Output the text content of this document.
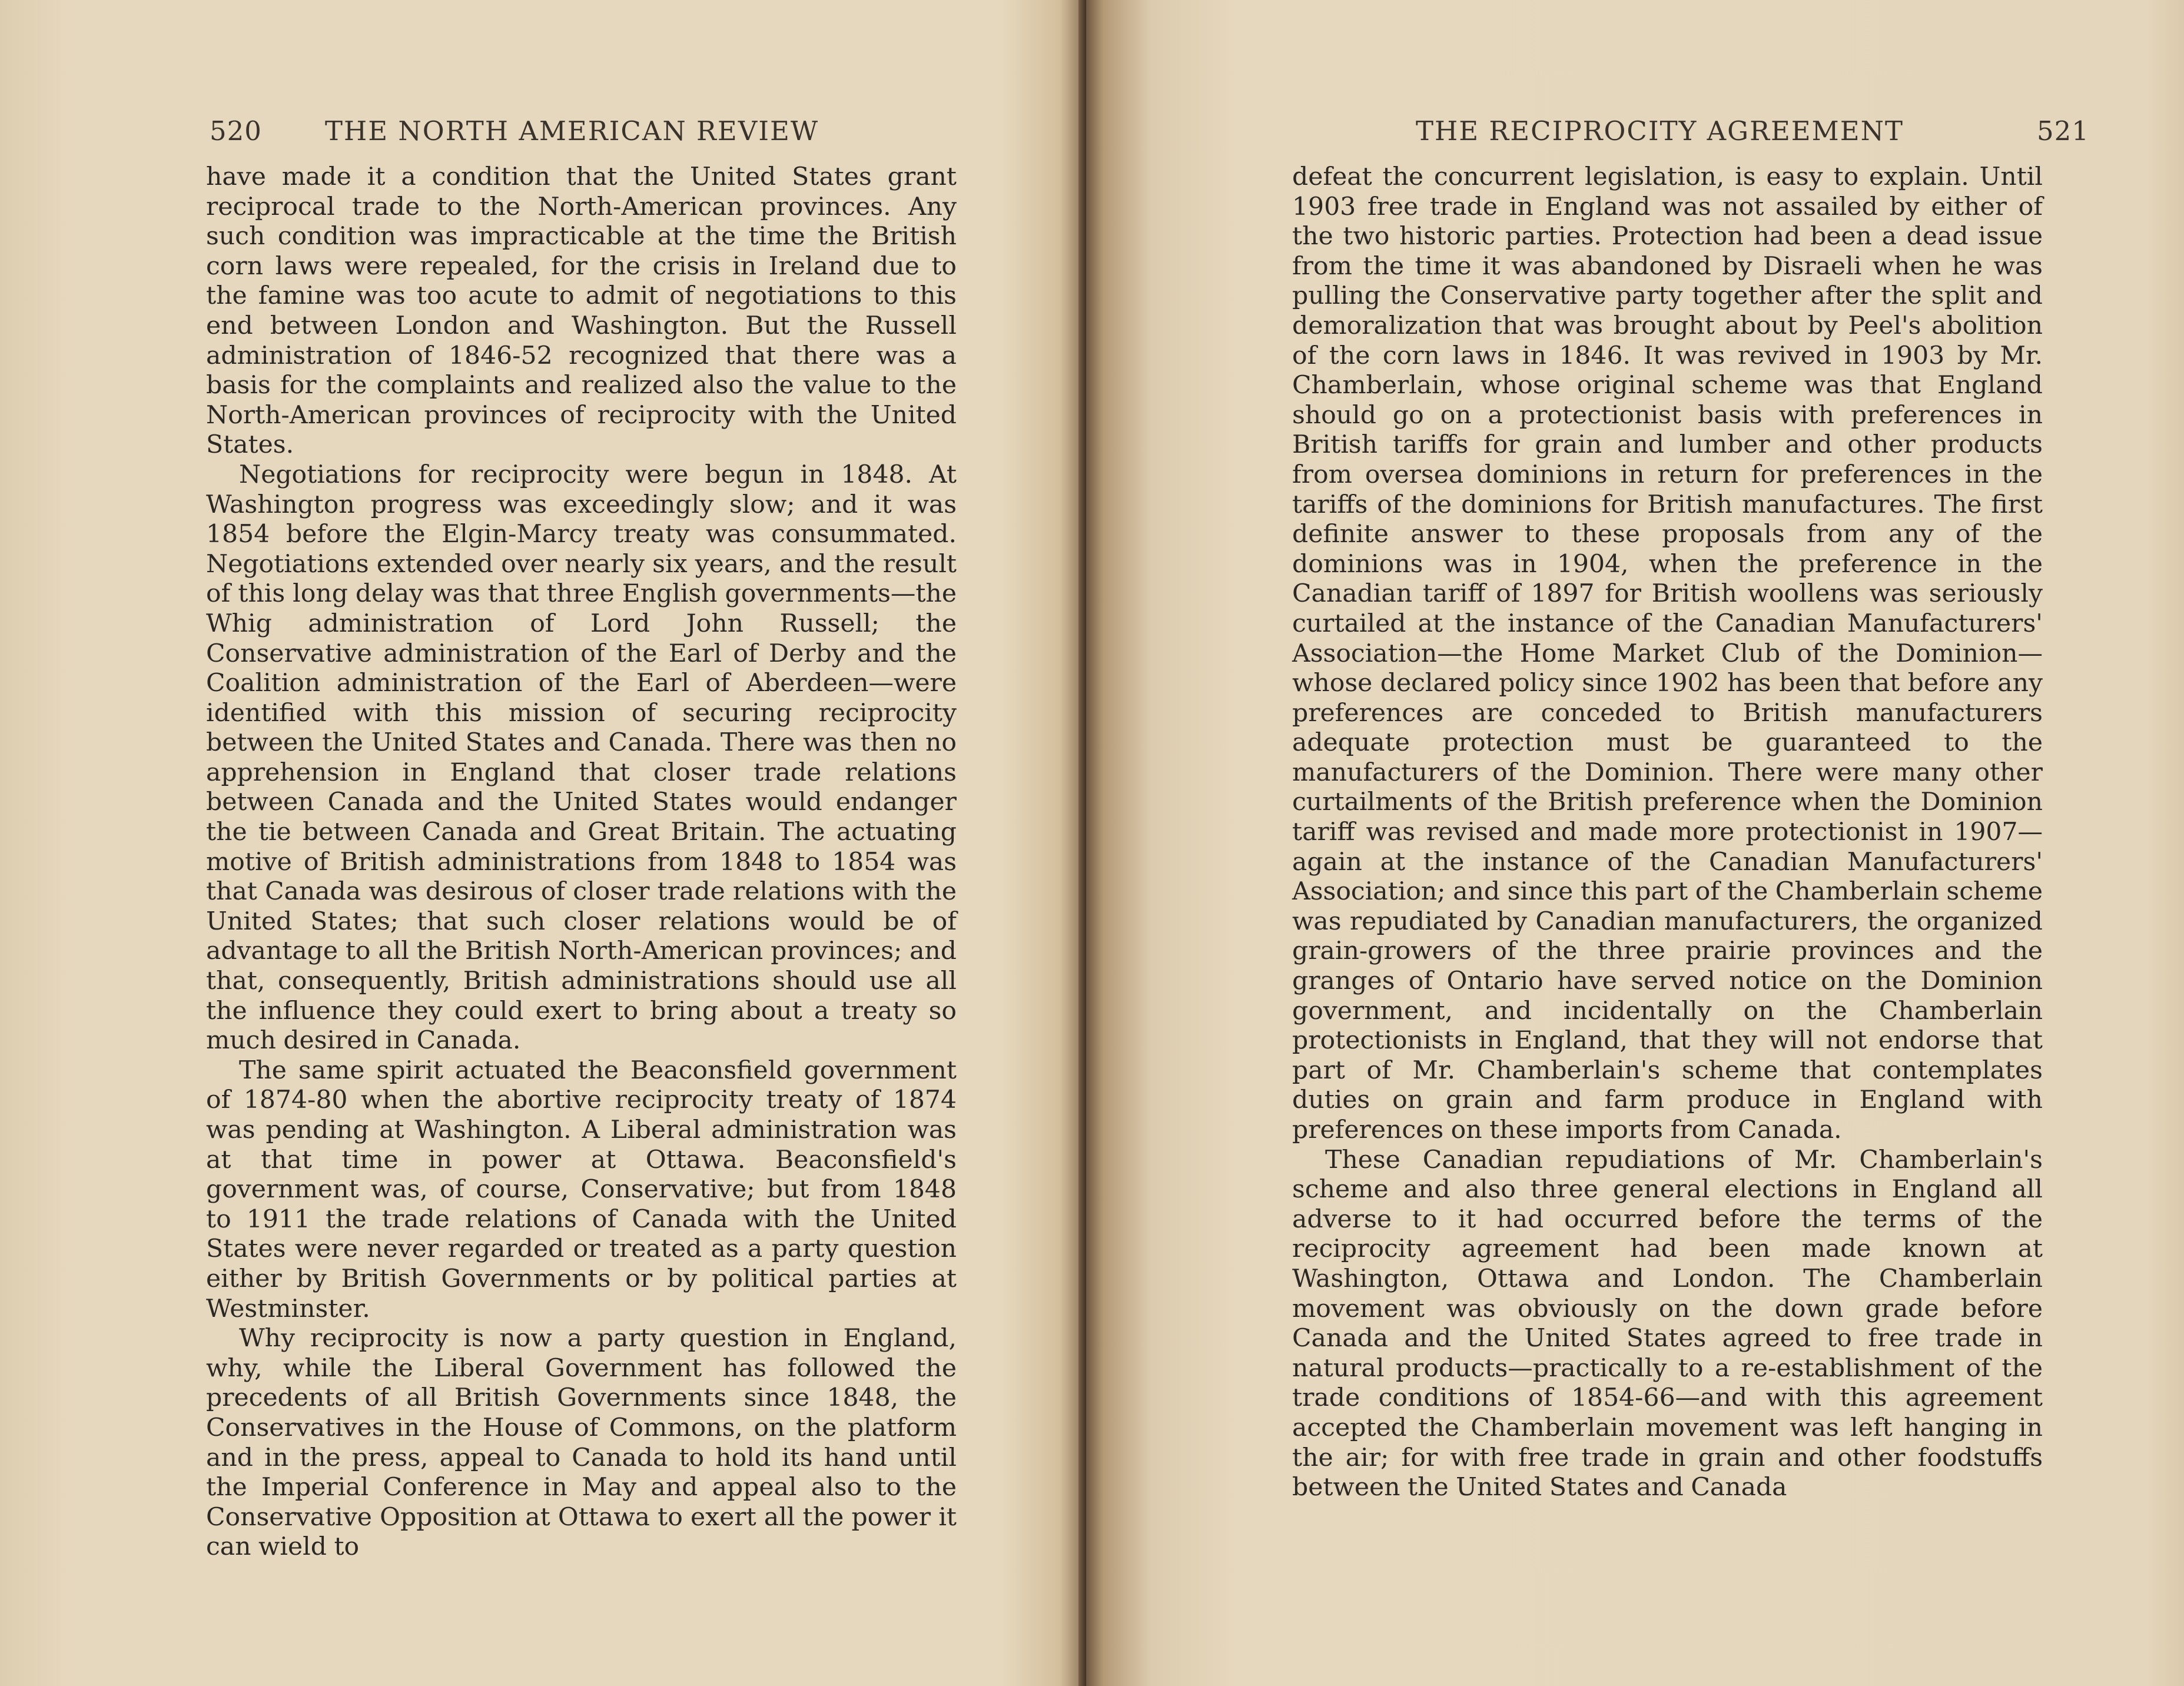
520 THE NORTH AMERICAN REVIEW

have made it a condition that the United States grant reciprocal trade to the North-American provinces. Any such condition was impracticable at the time the British corn laws were repealed, for the crisis in Ireland due to the famine was too acute to admit of negotiations to this end between London and Washington. But the Russell administration of 1846-52 recognized that there was a basis for the complaints and realized also the value to the North-American provinces of reciprocity with the United States.

Negotiations for reciprocity were begun in 1848. At Washington progress was exceedingly slow; and it was 1854 before the Elgin-Marcy treaty was consummated. Negotiations extended over nearly six years, and the result of this long delay was that three English governments—the Whig administration of Lord John Russell; the Conservative administration of the Earl of Derby and the Coalition administration of the Earl of Aberdeen—were identified with this mission of securing reciprocity between the United States and Canada. There was then no apprehension in England that closer trade relations between Canada and the United States would endanger the tie between Canada and Great Britain. The actuating motive of British administrations from 1848 to 1854 was that Canada was desirous of closer trade relations with the United States; that such closer relations would be of advantage to all the British North-American provinces; and that, consequently, British administrations should use all the influence they could exert to bring about a treaty so much desired in Canada.

The same spirit actuated the Beaconsfield government of 1874-80 when the abortive reciprocity treaty of 1874 was pending at Washington. A Liberal administration was at that time in power at Ottawa. Beaconsfield's government was, of course, Conservative; but from 1848 to 1911 the trade relations of Canada with the United States were never regarded or treated as a party question either by British Governments or by political parties at Westminster.

Why reciprocity is now a party question in England, why, while the Liberal Government has followed the precedents of all British Governments since 1848, the Conservatives in the House of Commons, on the platform and in the press, appeal to Canada to hold its hand until the Imperial Conference in May and appeal also to the Conservative Opposition at Ottawa to exert all the power it can wield to

THE RECIPROCITY AGREEMENT	521

defeat the concurrent legislation, is easy to explain. Until 1903 free trade in England was not assailed by either of the two historic parties. Protection had been a dead issue from the time it was abandoned by Disraeli when he was pulling the Conservative party together after the split and demoralization that was brought about by Peel's abolition of the corn laws in 1846. It was revived in 1903 by Mr. Chamberlain, whose original scheme was that England should go on a protectionist basis with preferences in British tariffs for grain and lumber and other products from oversea dominions in return for preferences in the tariffs of the dominions for British manufactures. The first definite answer to these proposals from any of the dominions was in 1904, when the preference in the Canadian tariff of 1897 for British woollens was seriously curtailed at the instance of the Canadian Manufacturers' Association—the Home Market Club of the Dominion—whose declared policy since 1902 has been that before any preferences are conceded to British manufacturers adequate protection must be guaranteed to the manufacturers of the Dominion. There were many other curtailments of the British preference when the Dominion tariff was revised and made more protectionist in 1907—again at the instance of the Canadian Manufacturers' Association; and since this part of the Chamberlain scheme was repudiated by Canadian manufacturers, the organized grain-growers of the three prairie provinces and the granges of Ontario have served notice on the Dominion government, and incidentally on the Chamberlain protectionists in England, that they will not endorse that part of Mr. Chamberlain's scheme that contemplates duties on grain and farm produce in England with preferences on these imports from Canada.

These Canadian repudiations of Mr. Chamberlain's scheme and also three general elections in England all adverse to it had occurred before the terms of the reciprocity agreement had been made known at Washington, Ottawa and London. The Chamberlain movement was obviously on the down grade before Canada and the United States agreed to free trade in natural products—practically to a re-establishment of the trade conditions of 1854-66—and with this agreement accepted the Chamberlain movement was left hanging in the air; for with free trade in grain and other foodstuffs between the United States and Canada
